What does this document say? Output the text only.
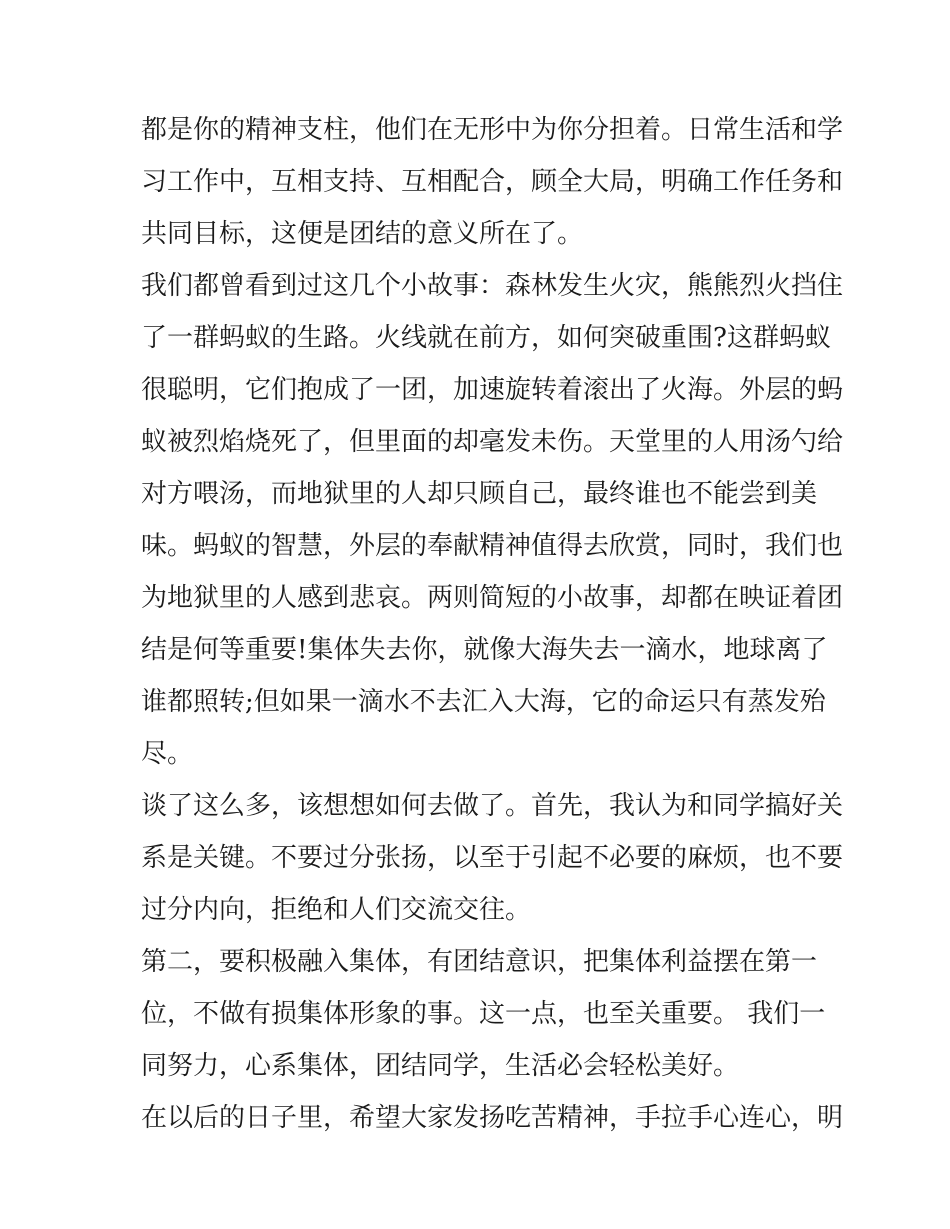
都是你的精神支柱，他们在无形中为你分担着。日常生活和学
习工作中，互相支持、互相配合，顾全大局，明确工作任务和
共同目标，这便是团结的意义所在了。
我们都曾看到过这几个小故事：森林发生火灾，熊熊烈火挡住
了一群蚂蚁的生路。火线就在前方，如何突破重围?这群蚂蚁
很聪明，它们抱成了一团，加速旋转着滚出了火海。外层的蚂
蚁被烈焰烧死了，但里面的却毫发未伤。天堂里的人用汤勺给
对方喂汤，而地狱里的人却只顾自己，最终谁也不能尝到美
味。蚂蚁的智慧，外层的奉献精神值得去欣赏，同时，我们也
为地狱里的人感到悲哀。两则简短的小故事，却都在映证着团
结是何等重要!集体失去你，就像大海失去一滴水，地球离了
谁都照转;但如果一滴水不去汇入大海，它的命运只有蒸发殆
尽。
谈了这么多，该想想如何去做了。首先，我认为和同学搞好关
系是关键。不要过分张扬，以至于引起不必要的麻烦，也不要
过分内向，拒绝和人们交流交往。
第二，要积极融入集体，有团结意识，把集体利益摆在第一
位，不做有损集体形象的事。这一点，也至关重要。 我们一
同努力，心系集体，团结同学，生活必会轻松美好。
在以后的日子里，希望大家发扬吃苦精神，手拉手心连心，明
